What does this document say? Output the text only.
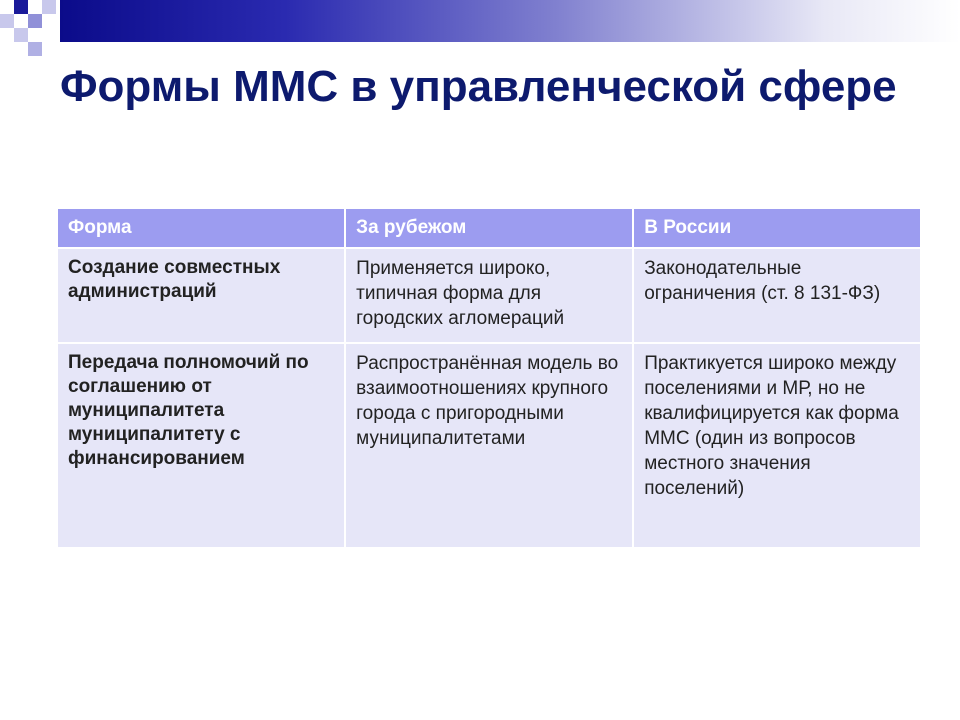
Формы ММС в управленческой сфере
Форма	За рубежом	В России
Создание совместных администраций	Применяется широко, типичная форма для городских агломераций	Законодательные ограничения (ст. 8 131-ФЗ)
Передача полномочий по соглашению от муниципалитета муниципалитету с финансированием	Распространённая модель во взаимоотношениях крупного города с пригородными муниципалитетами	Практикуется широко между поселениями и МР, но не квалифицируется как форма ММС (один из вопросов местного значения поселений)
